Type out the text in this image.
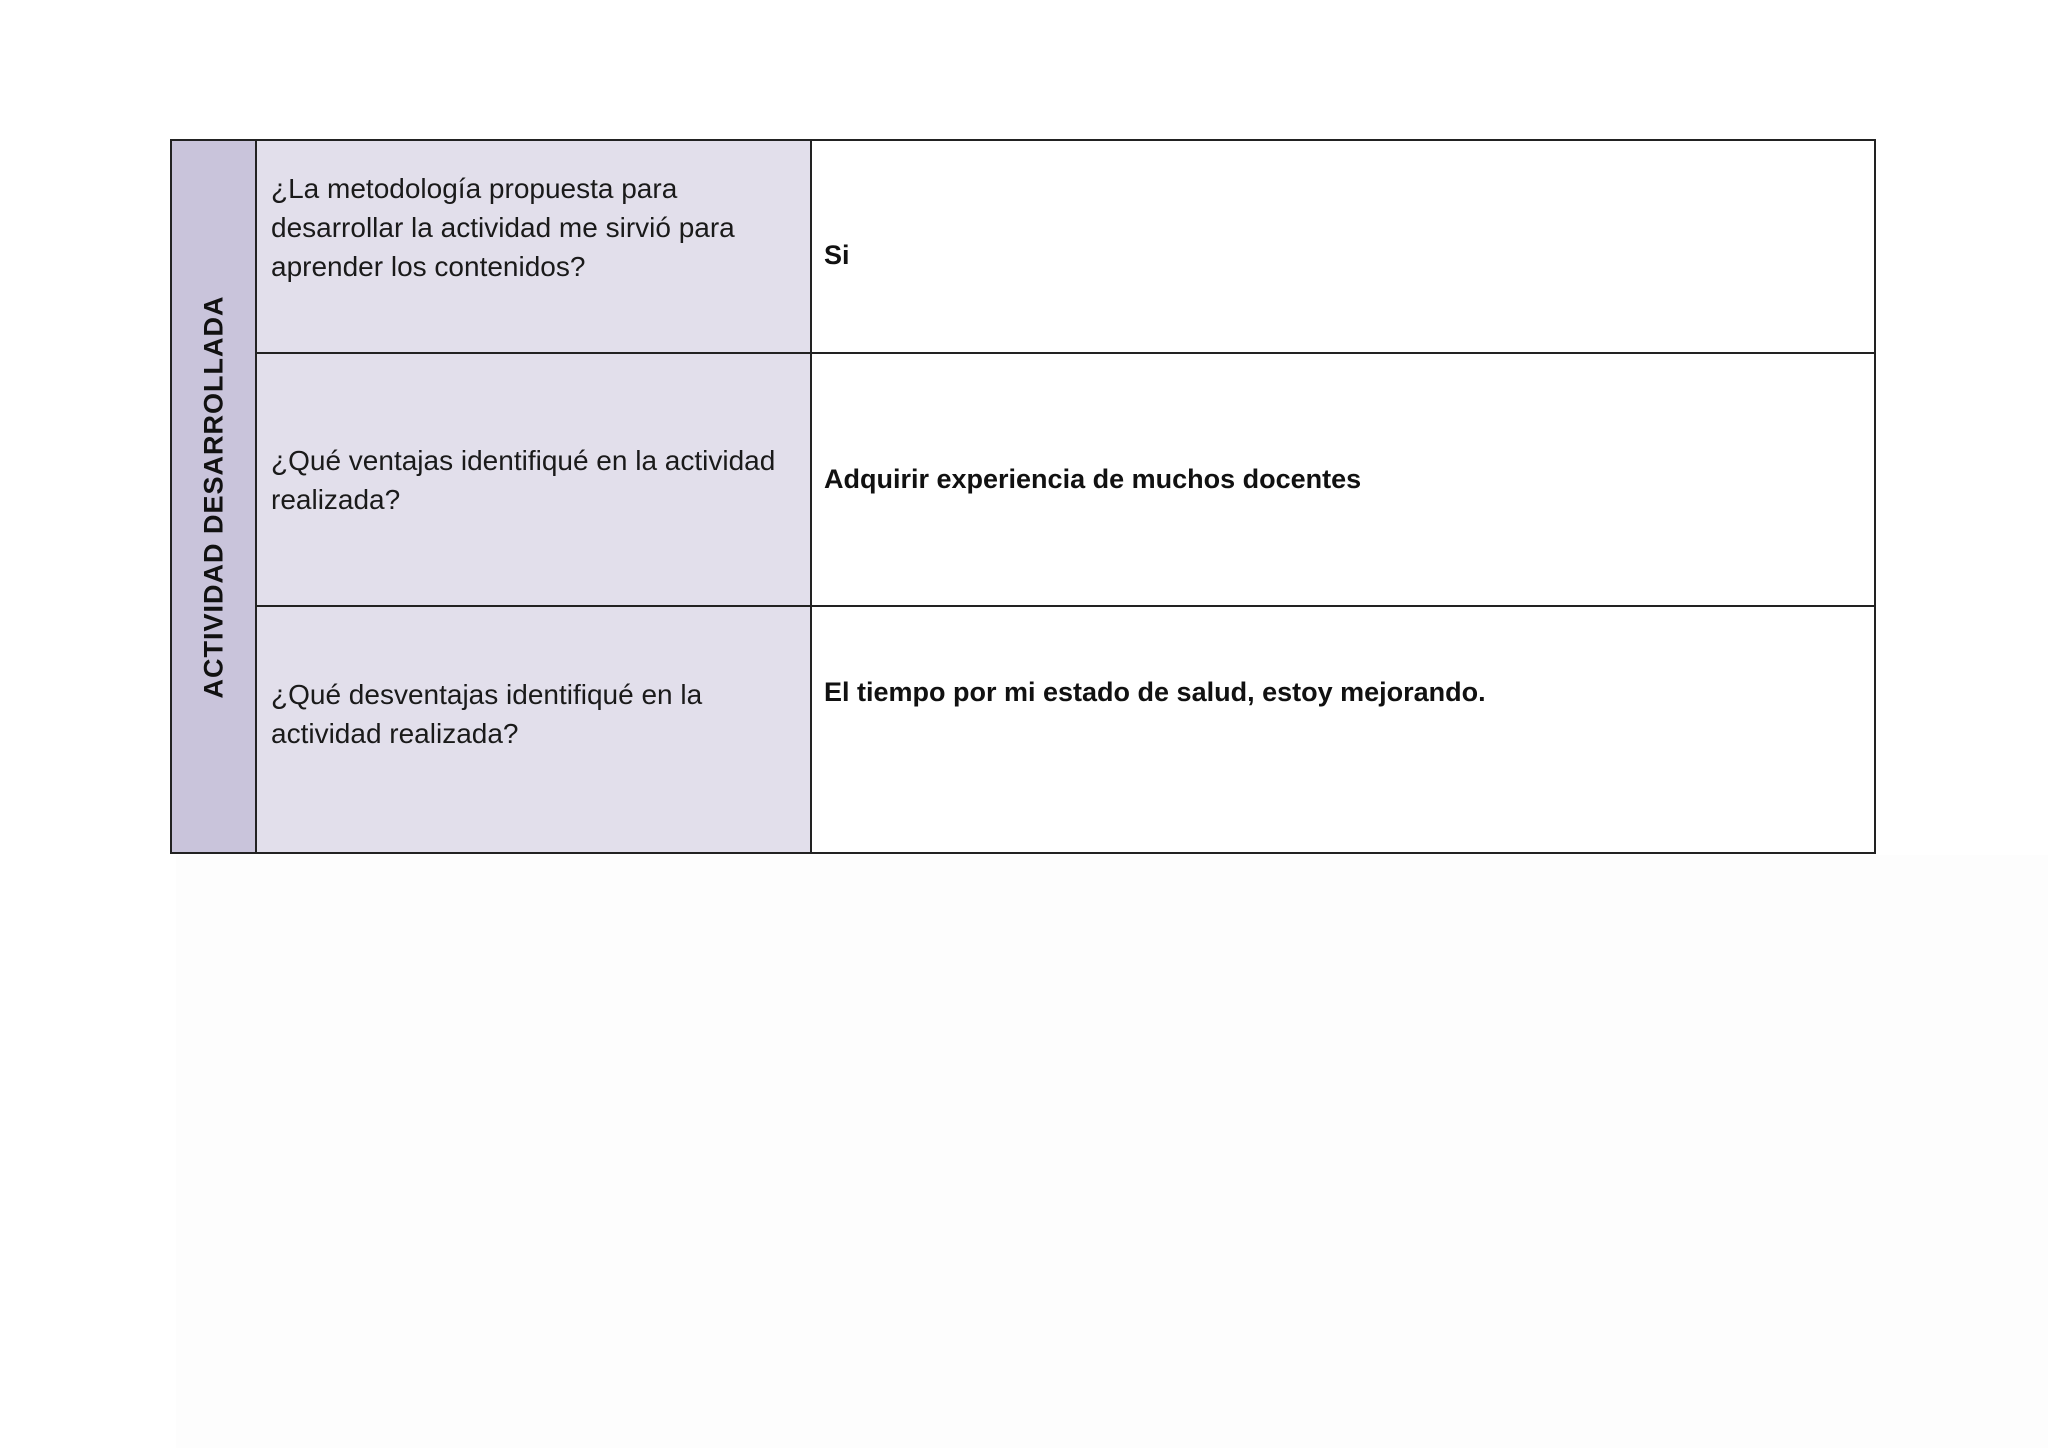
ACTIVIDAD DESARROLLADA
¿La metodología propuesta para desarrollar la actividad me sirvió para aprender los contenidos?	Si
¿Qué ventajas identifiqué en la actividad realizada?
Adquirir experiencia de muchos docentes
¿Qué desventajas identifiqué en la actividad realizada?
El tiempo por mi estado de salud, estoy mejorando.
